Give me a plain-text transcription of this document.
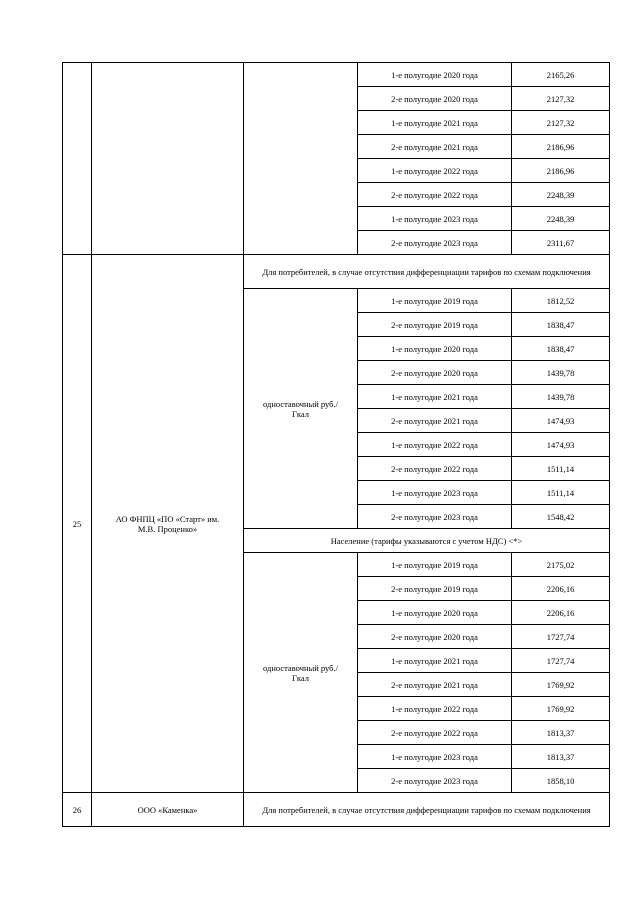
			1-е полугодие 2020 года	2165,26
			2-е полугодие 2020 года	2127,32
			1-е полугодие 2021 года	2127,32
			2-е полугодие 2021 года	2186,96
			1-е полугодие 2022 года	2186,96
			2-е полугодие 2022 года	2248,39
			1-е полугодие 2023 года	2248,39
			2-е полугодие 2023 года	2311,67
25	АО ФНПЦ «ПО «Старт» им. М.В. Проценко»	Для потребителей, в случае отсутствия дифференциации тарифов по схемам подключения		
		одноставочный руб./Гкал	1-е полугодие 2019 года	1812,52
			2-е полугодие 2019 года	1838,47
			1-е полугодие 2020 года	1838,47
			2-е полугодие 2020 года	1439,78
			1-е полугодие 2021 года	1439,78
			2-е полугодие 2021 года	1474,93
			1-е полугодие 2022 года	1474,93
			2-е полугодие 2022 года	1511,14
			1-е полугодие 2023 года	1511,14
			2-е полугодие 2023 года	1548,42
		Население (тарифы указываются с учетом НДС) <*>		
		одноставочный руб./Гкал	1-е полугодие 2019 года	2175,02
			2-е полугодие 2019 года	2206,16
			1-е полугодие 2020 года	2206,16
			2-е полугодие 2020 года	1727,74
			1-е полугодие 2021 года	1727,74
			2-е полугодие 2021 года	1769,92
			1-е полугодие 2022 года	1769,92
			2-е полугодие 2022 года	1813,37
			1-е полугодие 2023 года	1813,37
			2-е полугодие 2023 года	1858,10
26	ООО «Каменка»	Для потребителей, в случае отсутствия дифференциации тарифов по схемам подключения		
